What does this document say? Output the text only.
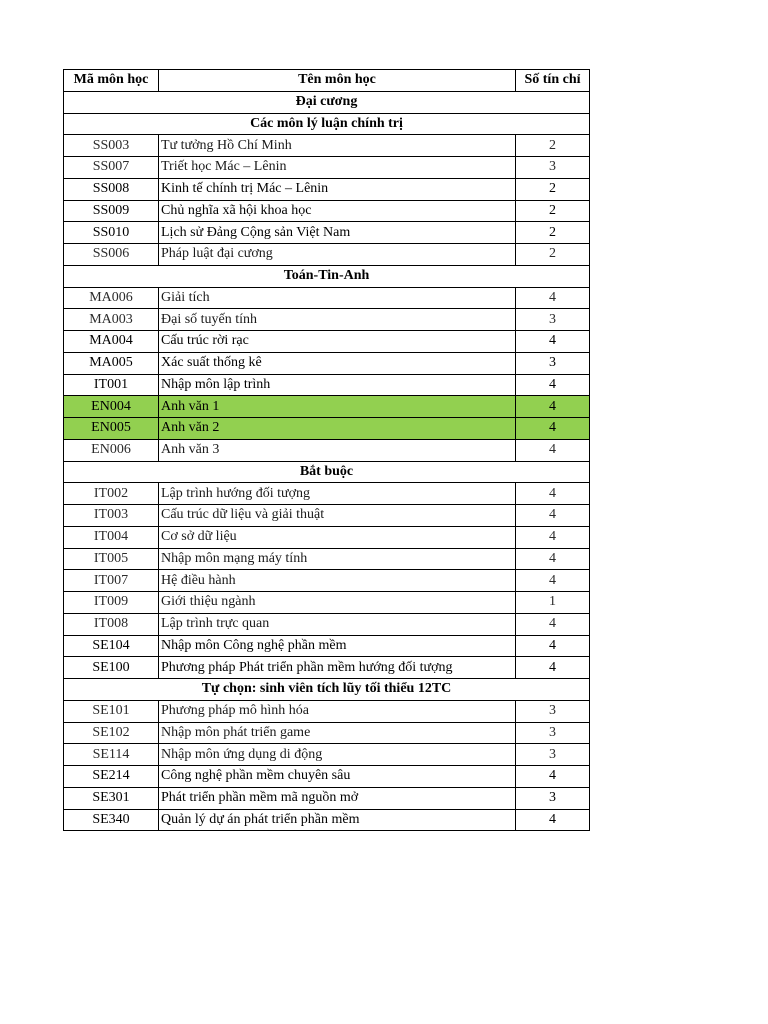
Mã môn học	Tên môn học	Số tín chỉ
Đại cương		
Các môn lý luận chính trị		
SS003	Tư tưởng Hồ Chí Minh	2
SS007	Triết học Mác – Lênin	3
SS008	Kinh tế chính trị Mác – Lênin	2
SS009	Chủ nghĩa xã hội khoa học	2
SS010	Lịch sử Đảng Cộng sản Việt Nam	2
SS006	Pháp luật đại cương	2
Toán-Tin-Anh		
MA006	Giải tích	4
MA003	Đại số tuyến tính	3
MA004	Cấu trúc rời rạc	4
MA005	Xác suất thống kê	3
IT001	Nhập môn lập trình	4
EN004	Anh văn 1	4
EN005	Anh văn 2	4
EN006	Anh văn 3	4
Bắt buộc		
IT002	Lập trình hướng đối tượng	4
IT003	Cấu trúc dữ liệu và giải thuật	4
IT004	Cơ sở dữ liệu	4
IT005	Nhập môn mạng máy tính	4
IT007	Hệ điều hành	4
IT009	Giới thiệu ngành	1
IT008	Lập trình trực quan	4
SE104	Nhập môn Công nghệ phần mềm	4
SE100	Phương pháp Phát triển phần mềm hướng đối tượng	4
Tự chọn: sinh viên tích lũy tối thiểu 12TC		
SE101	Phương pháp mô hình hóa	3
SE102	Nhập môn phát triển game	3
SE114	Nhập môn ứng dụng di động	3
SE214	Công nghệ phần mềm chuyên sâu	4
SE301	Phát triển phần mềm mã nguồn mở	3
SE340	Quản lý dự án phát triển phần mềm	4
